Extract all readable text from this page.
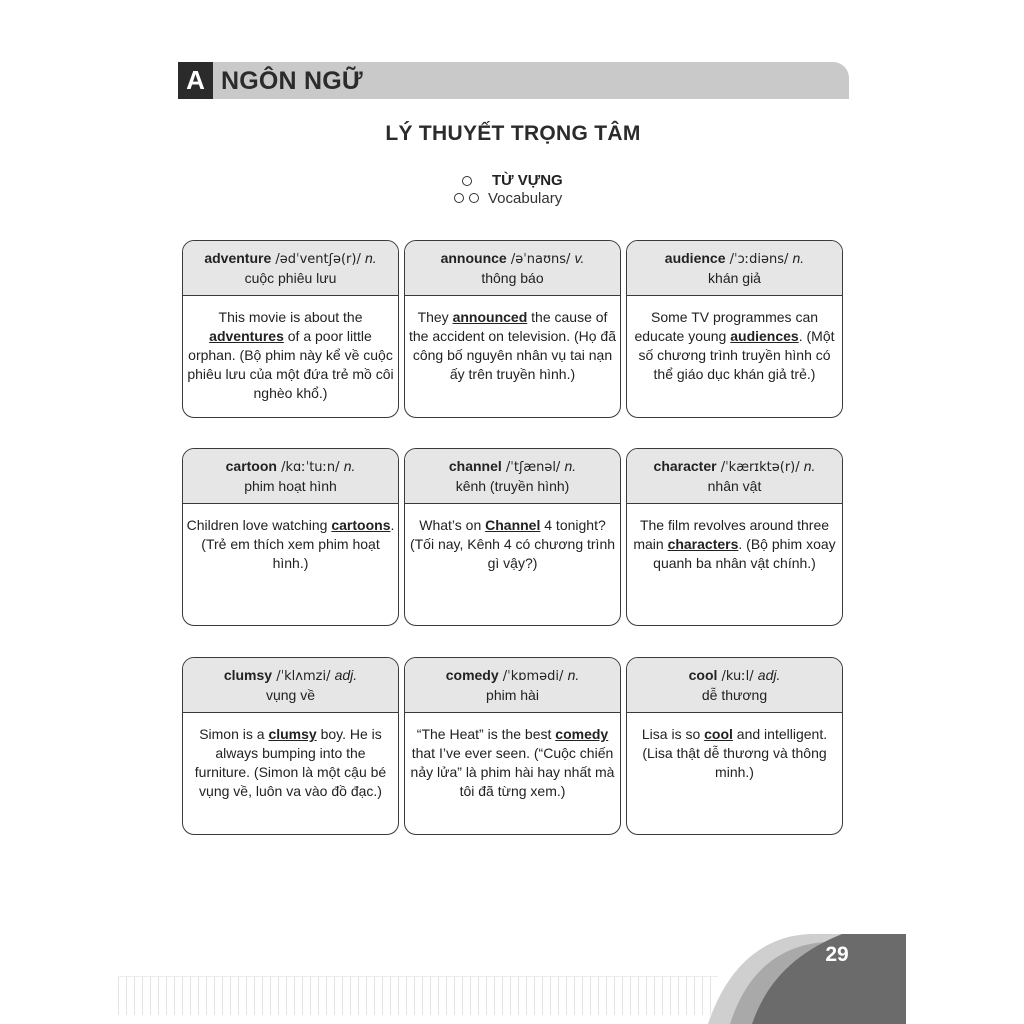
A NGÔN NGỮ
LÝ THUYẾT TRỌNG TÂM
TỪ VỰNG
Vocabulary
adventure /ədˈventʃə(r)/ n.
cuộc phiêu lưu
This movie is about the adventures of a poor little orphan. (Bộ phim này kể về cuộc phiêu lưu của một đứa trẻ mồ côi nghèo khổ.)
announce /əˈnaʊns/ v.
thông báo
They announced the cause of the accident on television. (Họ đã công bố nguyên nhân vụ tai nạn ấy trên truyền hình.)
audience /ˈɔːdiəns/ n.
khán giả
Some TV programmes can educate young audiences. (Một số chương trình truyền hình có thể giáo dục khán giả trẻ.)
cartoon /kɑːˈtuːn/ n.
phim hoạt hình
Children love watching cartoons. (Trẻ em thích xem phim hoạt hình.)
channel /ˈtʃænəl/ n.
kênh (truyền hình)
What’s on Channel 4 tonight? (Tối nay, Kênh 4 có chương trình gì vậy?)
character /ˈkærɪktə(r)/ n.
nhân vật
The film revolves around three main characters. (Bộ phim xoay quanh ba nhân vật chính.)
clumsy /ˈklʌmzi/ adj.
vụng về
Simon is a clumsy boy. He is always bumping into the furniture. (Simon là một cậu bé vụng về, luôn va vào đồ đạc.)
comedy /ˈkɒmədi/ n.
phim hài
“The Heat” is the best comedy that I’ve ever seen. (“Cuộc chiến nảy lửa” là phim hài hay nhất mà tôi đã từng xem.)
cool /kuːl/ adj.
dễ thương
Lisa is so cool and intelligent. (Lisa thật dễ thương và thông minh.)
29
